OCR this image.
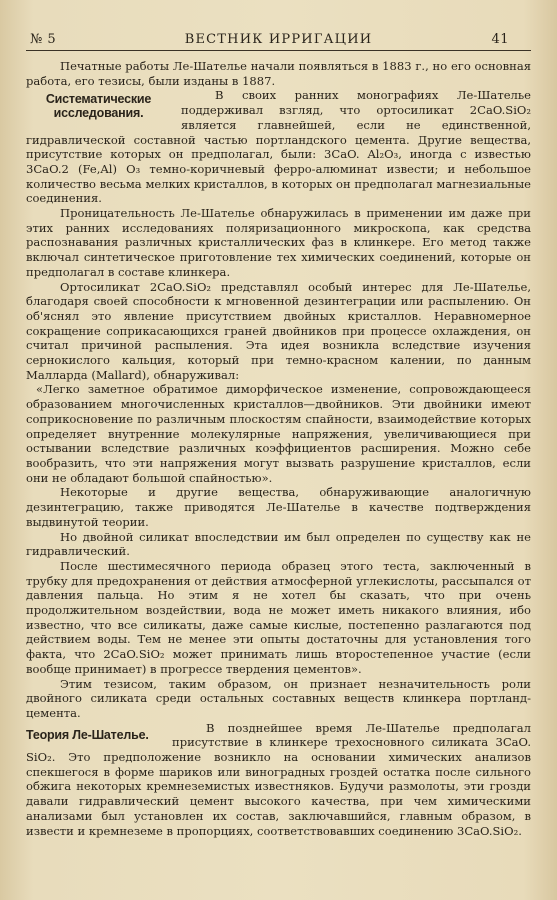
№ 5	ВЕСТНИК ИРРИГАЦИИ	41

Печатные работы Ле-Шателье начали появляться в 1883 г., но его основная работа, его тезисы, были изданы в 1887.

Систематические исследования.

В своих ранних монографиях Ле-Шателье поддерживал взгляд, что ортосиликат 2CaO.SiO₂ является главнейшей, если не единственной, гидравлической составной частью портландского цемента. Другие вещества, присутствие которых он предполагал, были: 3CaO. Al₂O₃, иногда с известью 3CaO.2 (Fe,Al) O₃ темно-коричневый ферро-алюминат извести; и небольшое количество весьма мелких кристаллов, в которых он предполагал магнезиальные соединения.

Проницательность Ле-Шателье обнаружилась в применении им даже при этих ранних исследованиях поляризационного микроскопа, как средства распознавания различных кристаллических фаз в клинкере. Его метод также включал синтетическое приготовление тех химических соединений, которые он предполагал в составе клинкера.

Ортосиликат 2CaO.SiO₂ представлял особый интерес для Ле-Шателье, благодаря своей способности к мгновенной дезинтеграции или распылению. Он об'яснял это явление присутствием двойных кристаллов. Неравномерное сокращение соприкасающихся граней двойников при процессе охлаждения, он считал причиной распыления. Эта идея возникла вследствие изучения сернокислого кальция, который при темно-красном калении, по данным Малларда (Mallard), обнаруживал:

«Легко заметное обратимое диморфическое изменение, сопровождающееся образованием многочисленных кристаллов—двойников. Эти двойники имеют соприкосновение по различным плоскостям спайности, взаимодействие которых определяет внутренние молекулярные напряжения, увеличивающиеся при остывании вследствие различных коэффициентов расширения. Можно себе вообразить, что эти напряжения могут вызвать разрушение кристаллов, если они не обладают большой спайностью».

Некоторые и другие вещества, обнаруживающие аналогичную дезинтеграцию, также приводятся Ле-Шателье в качестве подтверждения выдвинутой теории.

Но двойной силикат впоследствии им был определен по существу как не гидравлический.

После шестимесячного периода образец этого теста, заключенный в трубку для предохранения от действия атмосферной углекислоты, рассыпался от давления пальца. Но этим я не хотел бы сказать, что при очень продолжительном воздействии, вода не может иметь никакого влияния, ибо известно, что все силикаты, даже самые кислые, постепенно разлагаются под действием воды. Тем не менее эти опыты достаточны для установления того факта, что 2CaO.SiO₂ может принимать лишь второстепенное участие (если вообще принимает) в прогрессе твердения цементов».

Этим тезисом, таким образом, он признает незначительность роли двойного силиката среди остальных составных веществ клинкера портланд-цемента.

Теория Ле-Шателье.	В позднейшее время Ле-Шателье предполагал присутствие в клинкере трехосновного силиката 3CaO. SiO₂. Это предположение возникло на основании химических анализов спекшегося в форме шариков или виноградных гроздей остатка после сильного обжига некоторых кремнеземистых известняков. Будучи размолоты, эти грозди давали гидравлический цемент высокого качества, при чем химическими анализами был установлен их состав, заключавшийся, главным образом, в извести и кремнеземе в пропорциях, соответствовавших соединению 3CaO.SiO₂.
